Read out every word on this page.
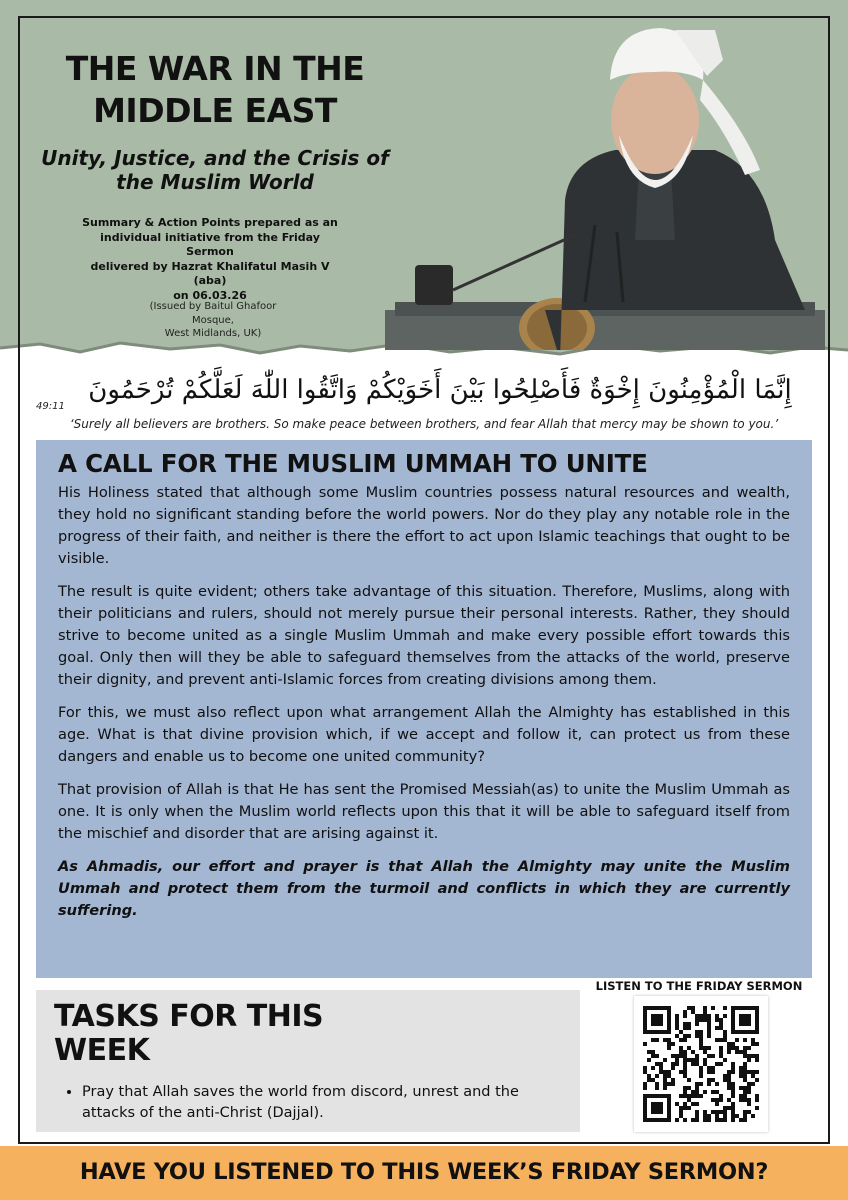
THE WAR IN THE
MIDDLE EAST
Unity, Justice, and the Crisis of
the Muslim World
Summary & Action Points prepared as an
individual initiative from the Friday Sermon
delivered by Hazrat Khalifatul Masih V (aba)
on 06.03.26
(Issued by Baitul Ghafoor Mosque,
West Midlands, UK)
إِنَّمَا الْمُؤْمِنُونَ إِخْوَةٌ فَأَصْلِحُوا بَيْنَ أَخَوَيْكُمْ وَاتَّقُوا اللّٰهَ لَعَلَّكُمْ تُرْحَمُونَ
49:11
‘Surely all believers are brothers. So make peace between brothers, and fear Allah that mercy may be shown to you.’
A CALL FOR THE MUSLIM UMMAH TO UNITE

His Holiness stated that although some Muslim countries possess natural resources and wealth, they hold no significant standing before the world powers. Nor do they play any notable role in the progress of their faith, and neither is there the effort to act upon Islamic teachings that ought to be visible.

The result is quite evident; others take advantage of this situation. Therefore, Muslims, along with their politicians and rulers, should not merely pursue their personal interests. Rather, they should strive to become united as a single Muslim Ummah and make every possible effort towards this goal. Only then will they be able to safeguard themselves from the attacks of the world, preserve their dignity, and prevent anti-Islamic forces from creating divisions among them.

For this, we must also reflect upon what arrangement Allah the Almighty has established in this age. What is that divine provision which, if we accept and follow it, can protect us from these dangers and enable us to become one united community?

That provision of Allah is that He has sent the Promised Messiah(as) to unite the Muslim Ummah as one. It is only when the Muslim world reflects upon this that it will be able to safeguard itself from the mischief and disorder that are arising against it.

As Ahmadis, our effort and prayer is that Allah the Almighty may unite the Muslim Ummah and protect them from the turmoil and conflicts in which they are currently suffering.

TASKS FOR THIS
WEEK
• Pray that Allah saves the world from discord, unrest and the attacks of the anti-Christ (Dajjal).
LISTEN TO THE FRIDAY SERMON
HAVE YOU LISTENED TO THIS WEEK’S FRIDAY SERMON?
